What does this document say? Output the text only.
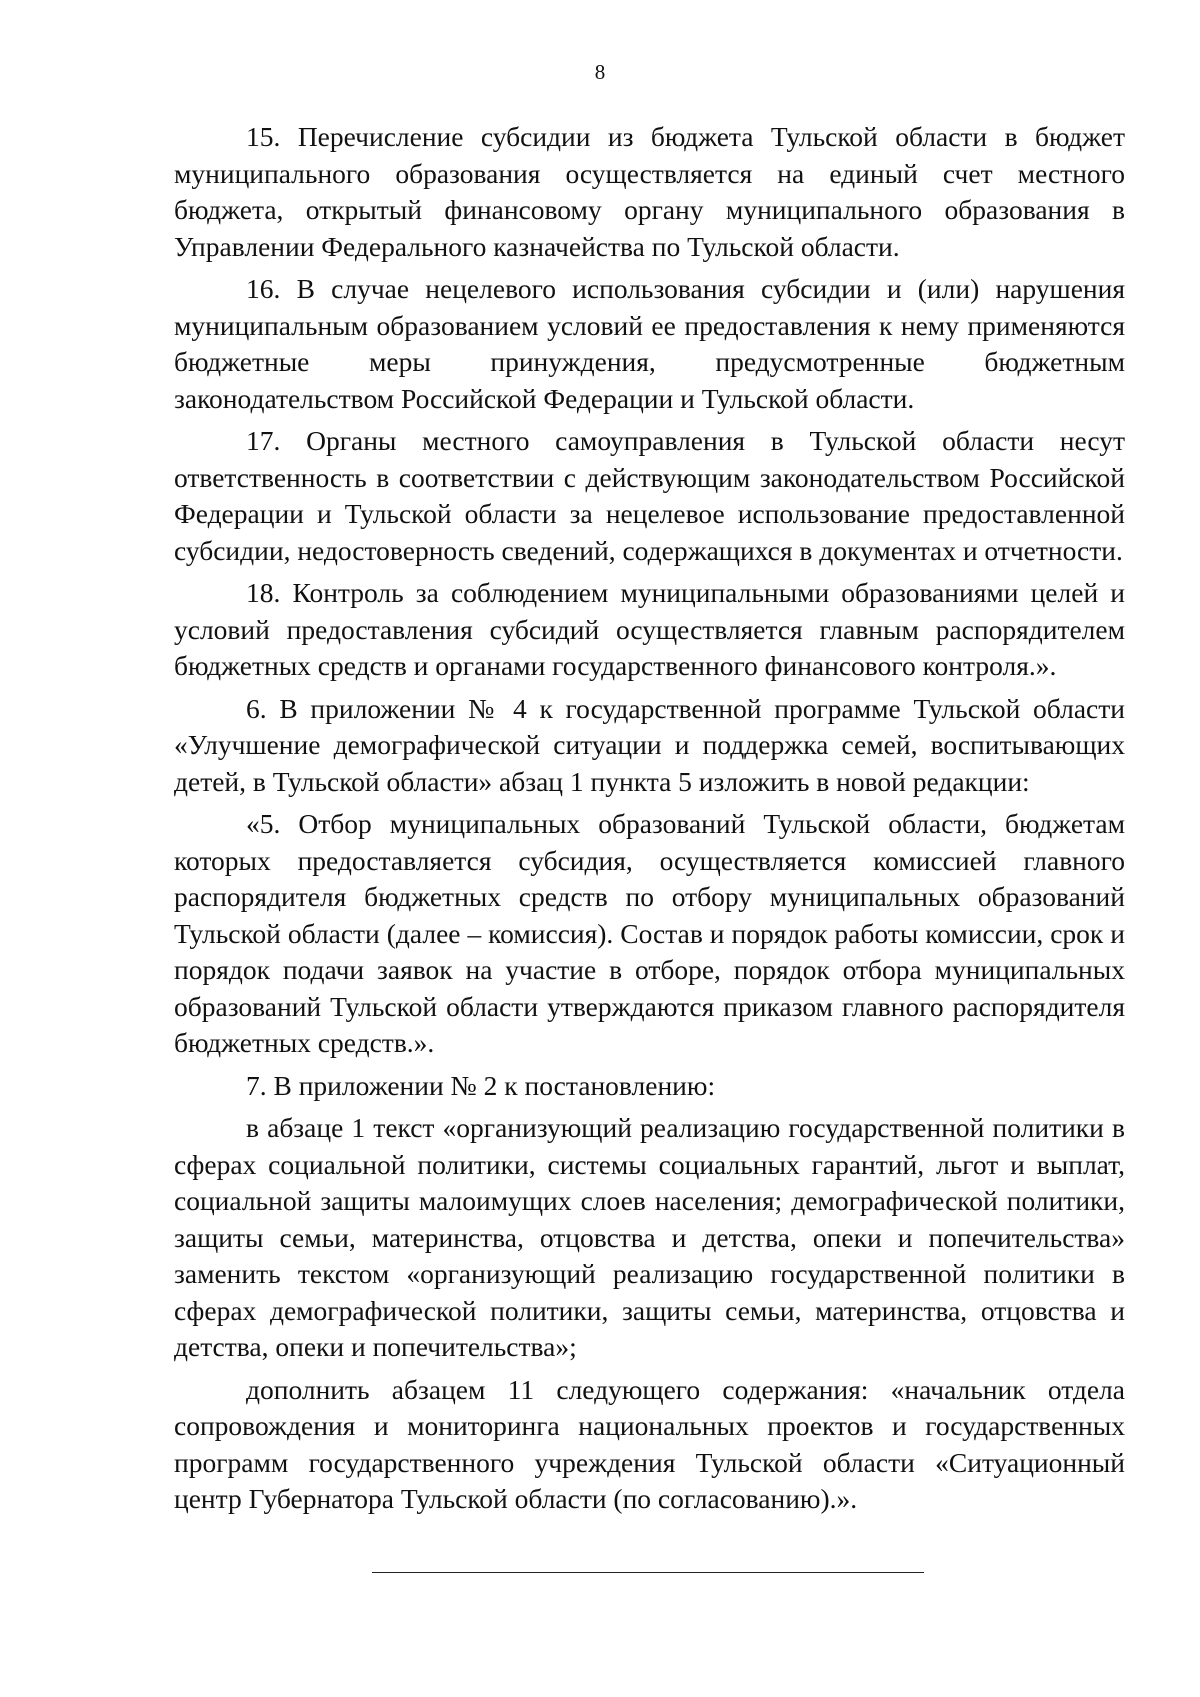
8

15. Перечисление субсидии из бюджета Тульской области в бюджет муниципального образования осуществляется на единый счет местного бюджета, открытый финансовому органу муниципального образования в Управлении Федерального казначейства по Тульской области.

16. В случае нецелевого использования субсидии и (или) нарушения муниципальным образованием условий ее предоставления к нему применяются бюджетные меры принуждения, предусмотренные бюджетным законодательством Российской Федерации и Тульской области.

17. Органы местного самоуправления в Тульской области несут ответственность в соответствии с действующим законодательством Российской Федерации и Тульской области за нецелевое использование предоставленной субсидии, недостоверность сведений, содержащихся в документах и отчетности.

18. Контроль за соблюдением муниципальными образованиями целей и условий предоставления субсидий осуществляется главным распорядителем бюджетных средств и органами государственного финансового контроля.».

6. В приложении № 4 к государственной программе Тульской области «Улучшение демографической ситуации и поддержка семей, воспитывающих детей, в Тульской области» абзац 1 пункта 5 изложить в новой редакции:

«5. Отбор муниципальных образований Тульской области, бюджетам которых предоставляется субсидия, осуществляется комиссией главного распорядителя бюджетных средств по отбору муниципальных образований Тульской области (далее – комиссия). Состав и порядок работы комиссии, срок и порядок подачи заявок на участие в отборе, порядок отбора муниципальных образований Тульской области утверждаются приказом главного распорядителя бюджетных средств.».

7. В приложении № 2 к постановлению:

в абзаце 1 текст «организующий реализацию государственной политики в сферах социальной политики, системы социальных гарантий, льгот и выплат, социальной защиты малоимущих слоев населения; демографической политики, защиты семьи, материнства, отцовства и детства, опеки и попечительства» заменить текстом «организующий реализацию государственной политики в сферах демографической политики, защиты семьи, материнства, отцовства и детства, опеки и попечительства»;

дополнить абзацем 11 следующего содержания: «начальник отдела сопровождения и мониторинга национальных проектов и государственных программ государственного учреждения Тульской области «Ситуационный центр Губернатора Тульской области (по согласованию).».
